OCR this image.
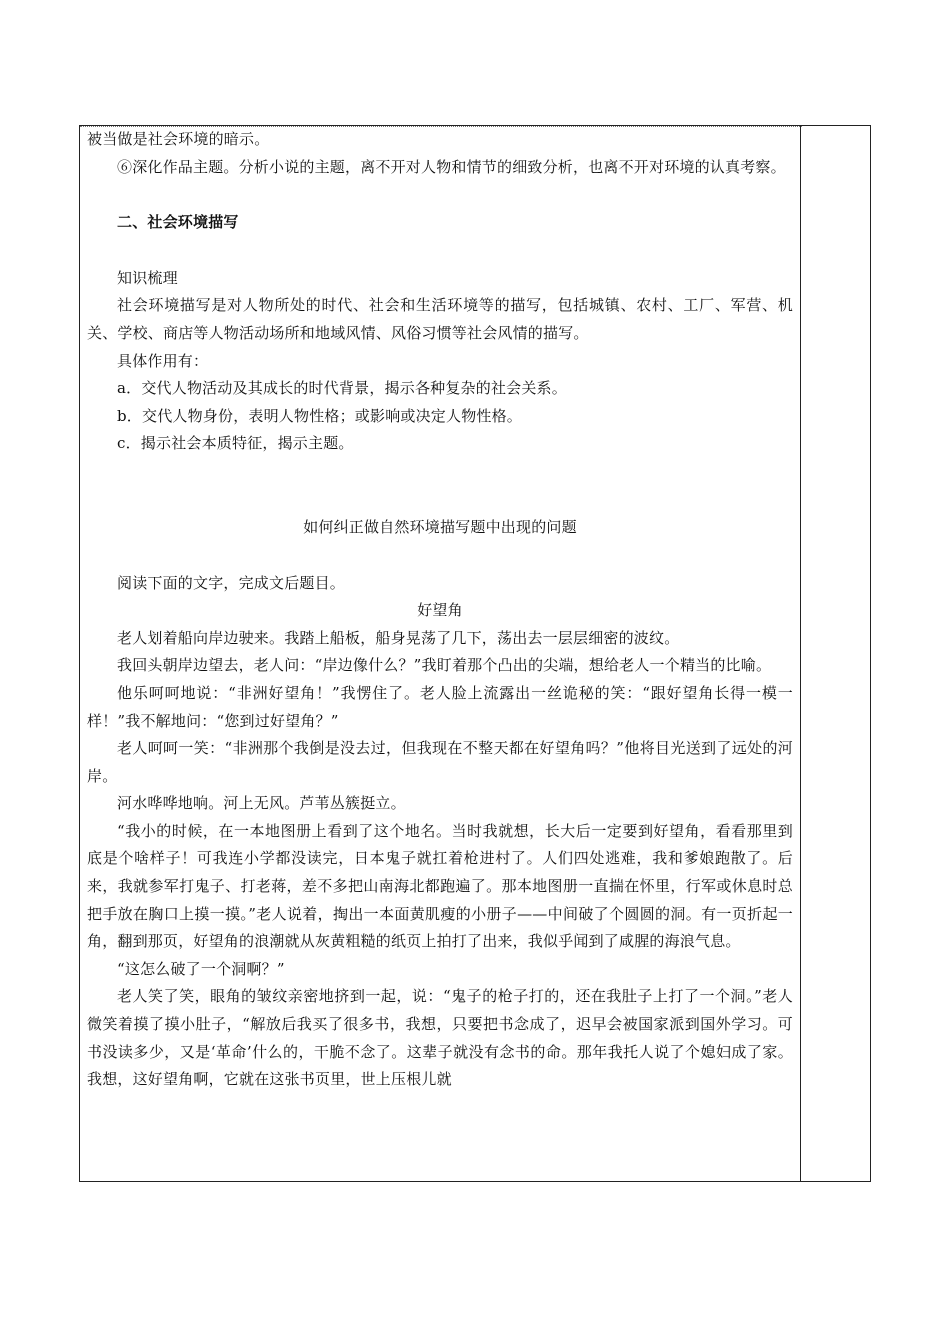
被当做是社会环境的暗示。

⑥深化作品主题。分析小说的主题，离不开对人物和情节的细致分析，也离不开对环境的认真考察。

二、社会环境描写

知识梳理

社会环境描写是对人物所处的时代、社会和生活环境等的描写，包括城镇、农村、工厂、军营、机关、学校、商店等人物活动场所和地域风情、风俗习惯等社会风情的描写。

具体作用有：

a．交代人物活动及其成长的时代背景，揭示各种复杂的社会关系。

b．交代人物身份，表明人物性格；或影响或决定人物性格。

c．揭示社会本质特征，揭示主题。

如何纠正做自然环境描写题中出现的问题

阅读下面的文字，完成文后题目。

好望角

老人划着船向岸边驶来。我踏上船板，船身晃荡了几下，荡出去一层层细密的波纹。

我回头朝岸边望去，老人问：“岸边像什么？”我盯着那个凸出的尖端，想给老人一个精当的比喻。

他乐呵呵地说：“非洲好望角！”我愣住了。老人脸上流露出一丝诡秘的笑：“跟好望角长得一模一样！”我不解地问：“您到过好望角？”

老人呵呵一笑：“非洲那个我倒是没去过，但我现在不整天都在好望角吗？”他将目光送到了远处的河岸。

河水哗哗地响。河上无风。芦苇丛簇挺立。

“我小的时候，在一本地图册上看到了这个地名。当时我就想，长大后一定要到好望角，看看那里到底是个啥样子！可我连小学都没读完，日本鬼子就扛着枪进村了。人们四处逃难，我和爹娘跑散了。后来，我就参军打鬼子、打老蒋，差不多把山南海北都跑遍了。那本地图册一直揣在怀里，行军或休息时总把手放在胸口上摸一摸。”老人说着，掏出一本面黄肌瘦的小册子——中间破了个圆圆的洞。有一页折起一角，翻到那页，好望角的浪潮就从灰黄粗糙的纸页上拍打了出来，我似乎闻到了咸腥的海浪气息。

“这怎么破了一个洞啊？”

老人笑了笑，眼角的皱纹亲密地挤到一起，说：“鬼子的枪子打的，还在我肚子上打了一个洞。”老人微笑着摸了摸小肚子，“解放后我买了很多书，我想，只要把书念成了，迟早会被国家派到国外学习。可书没读多少，又是‘革命’什么的，干脆不念了。这辈子就没有念书的命。那年我托人说了个媳妇成了家。我想，这好望角啊，它就在这张书页里，世上压根儿就
